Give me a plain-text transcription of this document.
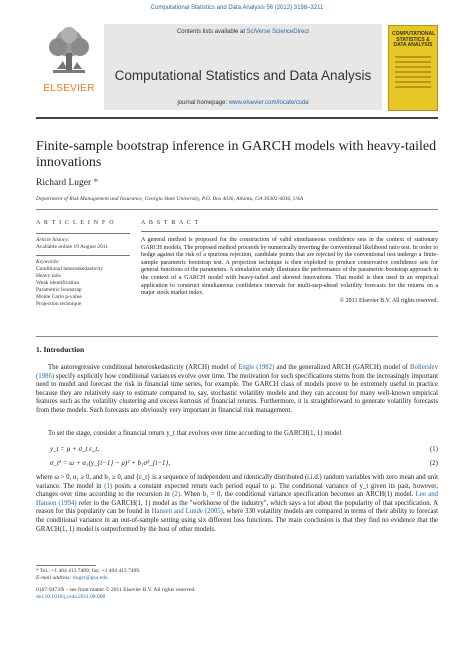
Computational Statistics and Data Analysis 56 (2012) 3198–3211
ELSEVIER
Contents lists available at SciVerse ScienceDirect
Computational Statistics and Data Analysis
journal homepage: www.elsevier.com/locate/csda
COMPUTATIONAL STATISTICS & DATA ANALYSIS
Finite-sample bootstrap inference in GARCH models with heavy-tailed innovations
Richard Luger *
Department of Risk Management and Insurance, Georgia State University, P.O. Box 4036, Atlanta, GA 30302-4036, USA
A R T I C L E I N F O
Article history:
Available online 19 August 2011
Keywords:
Conditional heteroskedasticity
Heavy tails
Weak identification
Parametric bootstrap
Monte Carlo p-value
Projection technique
A B S T R A C T
A general method is proposed for the construction of valid simultaneous confidence sets in the context of stationary GARCH models. The proposed method proceeds by numerically inverting the conventional likelihood ratio test. In order to hedge against the risk of a spurious rejection, candidate points that are rejected by the conventional test undergo a finite-sample parametric bootstrap test. A projection technique is then exploited to produce conservative confidence sets for general functions of the parameters. A simulation study illustrates the performance of the parametric bootstrap approach in the context of a GARCH model with heavy-tailed and skewed innovations. That model is then used in an empirical application to construct simultaneous confidence intervals for multi-step-ahead volatility forecasts for the returns on a major stock market index.
© 2011 Elsevier B.V. All rights reserved.
1. Introduction
The autoregressive conditional heteroskedasticity (ARCH) model of Engle (1982) and the generalized ARCH (GARCH) model of Bollerslev (1986) specify explicitly how conditional variances evolve over time. The motivation for such specifications stems from the increasingly important need to model and forecast the risk in financial time series, for example. The GARCH class of models prove to be extremely useful in practice because they are relatively easy to estimate compared to, say, stochastic volatility models and they can account for many well-known empirical features such as the volatility clustering and excess kurtosis of financial returns. Furthermore, it is straightforward to generate volatility forecasts from these models. Such forecasts are obviously very important in financial risk management.
To set the stage, consider a financial return y_t that evolves over time according to the GARCH(1, 1) model
y_t = μ + σ_t ε_t,	(1)
σ_t² = ω + α₁(y_{t−1} − μ)² + b₁σ²_{t−1},	(2)
where ω > 0, α₁ ≥ 0, and b₁ ≥ 0, and {ε_t} is a sequence of independent and identically distributed (i.i.d.) random variables with zero mean and unit variance. The model in (1) posits a constant expected return each period equal to μ. The conditional variance of y_t given its past, however, changes over time according to the recursion in (2). When b₁ = 0, the conditional variance specification becomes an ARCH(1) model. Lee and Hansen (1994) refer to the GARCH(1, 1) model as the "workhorse of the industry", which says a lot about the popularity of that specification. A reason for this popularity can be found in Hansen and Lunde (2005), where 330 volatility models are compared in terms of their ability to forecast the conditional variance in an out-of-sample setting using six different loss functions. The main conclusion is that they find no evidence that the GRACH(1, 1) model is outperformed by the host of other models.
* Tel.: +1 404 413 7489; fax: +1 404 413 7499.
E-mail address: rluger@gsu.edu
0167-9473/$ – see front matter © 2011 Elsevier B.V. All rights reserved.
doi:10.1016/j.csda.2011.08.008
